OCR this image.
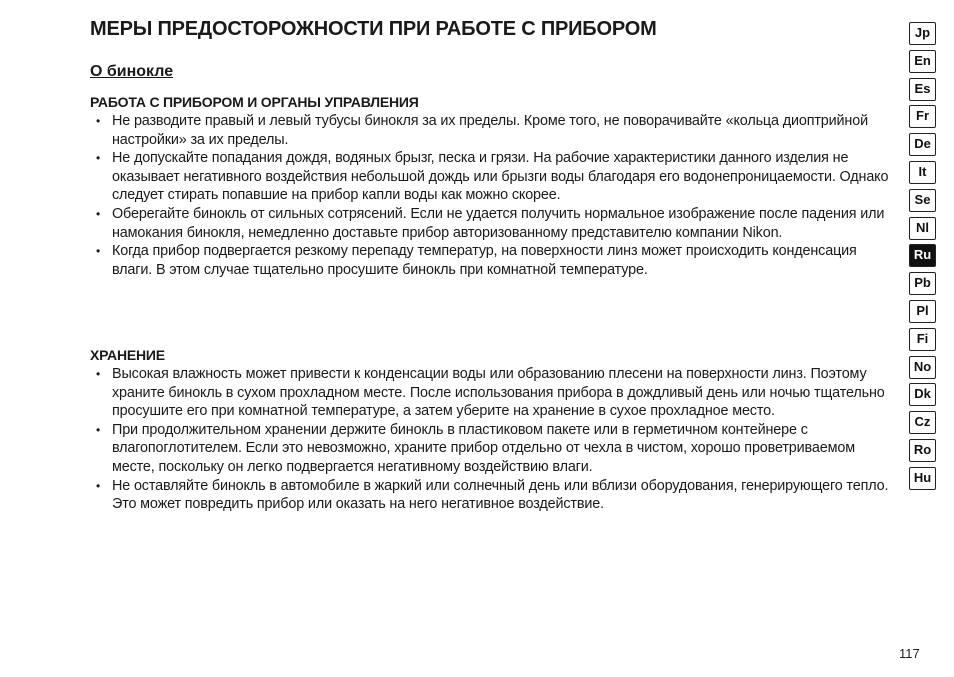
МЕРЫ ПРЕДОСТОРОЖНОСТИ ПРИ РАБОТЕ С ПРИБОРОМ
О бинокле
РАБОТА С ПРИБОРОМ И ОРГАНЫ УПРАВЛЕНИЯ
• Не разводите правый и левый тубусы бинокля за их пределы. Кроме того, не поворачивайте «кольца диоптрийной настройки» за их пределы.
• Не допускайте попадания дождя, водяных брызг, песка и грязи. На рабочие характеристики данного изделия не оказывает негативного воздействия небольшой дождь или брызги воды благодаря его водонепроницаемости. Однако следует стирать попавшие на прибор капли воды как можно скорее.
• Оберегайте бинокль от сильных сотрясений. Если не удается получить нормальное изображение после падения или намокания бинокля, немедленно доставьте прибор авторизованному представителю компании Nikon.
• Когда прибор подвергается резкому перепаду температур, на поверхности линз может происходить конденсация влаги. В этом случае тщательно просушите бинокль при комнатной температуре.
ХРАНЕНИЕ
• Высокая влажность может привести к конденсации воды или образованию плесени на поверхности линз. Поэтому храните бинокль в сухом прохладном месте. После использования прибора в дождливый день или ночью тщательно просушите его при комнатной температуре, а затем уберите на хранение в сухое прохладное место.
• При продолжительном хранении держите бинокль в пластиковом пакете или в герметичном контейнере с влагопоглотителем. Если это невозможно, храните прибор отдельно от чехла в чистом, хорошо проветриваемом месте, поскольку он легко подвергается негативному воздействию влаги.
• Не оставляйте бинокль в автомобиле в жаркий или солнечный день или вблизи оборудования, генерирующего тепло. Это может повредить прибор или оказать на него негативное воздействие.
Jp
En
Es
Fr
De
It
Se
Nl
Ru
Pb
Pl
Fi
No
Dk
Cz
Ro
Hu
117
